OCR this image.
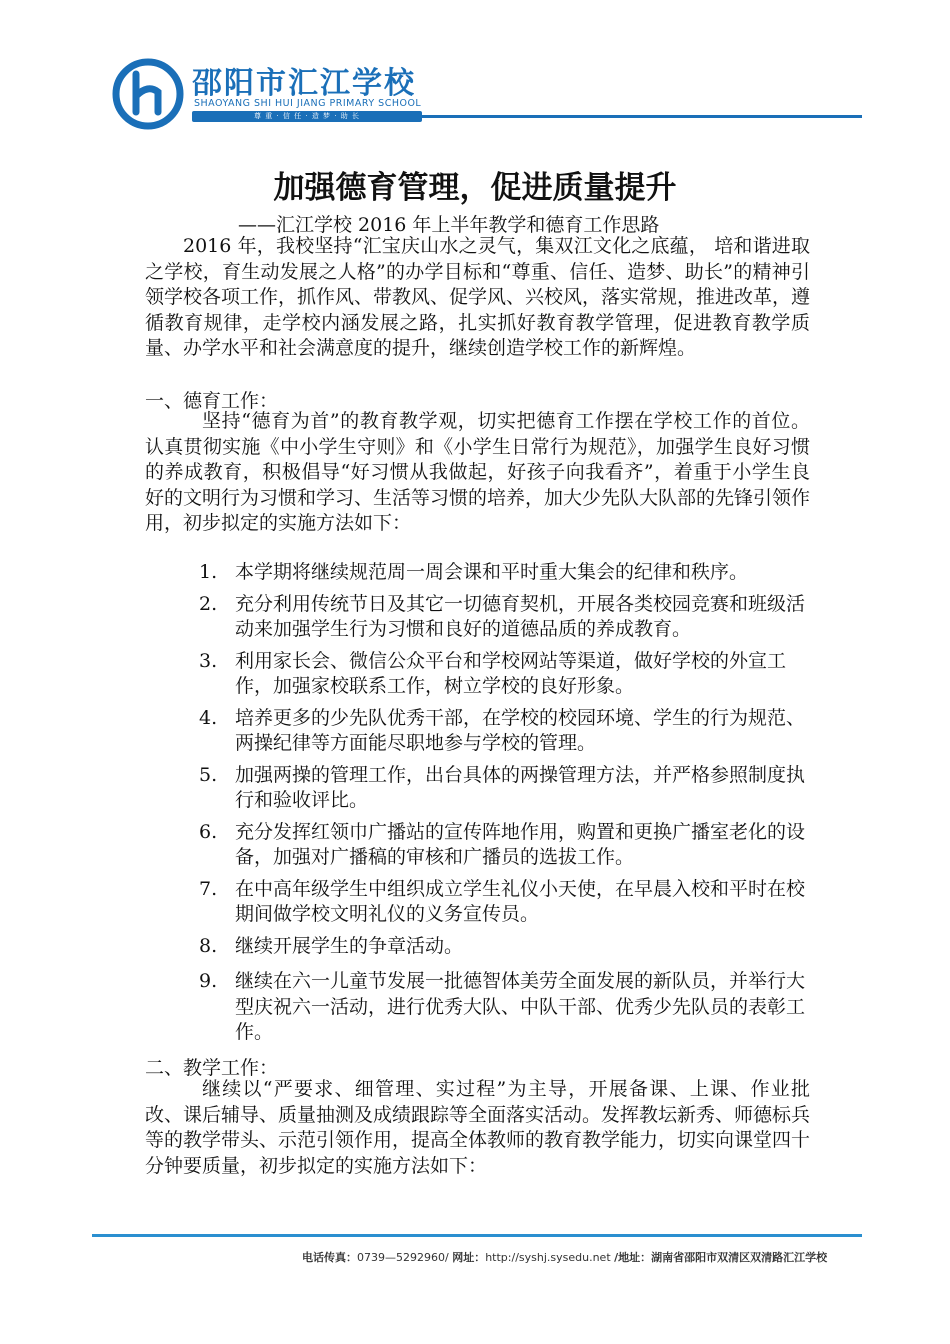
邵阳市汇江学校
SHAOYANG SHI HUI JIANG PRIMARY SCHOOL
尊 重 · 信 任 · 造 梦 · 助 长
加强德育管理，促进质量提升
——汇江学校 2016 年上半年教学和德育工作思路
2016 年，我校坚持“汇宝庆山水之灵气，集双江文化之底蕴， 培和谐进取之学校，育生动发展之人格”的办学目标和“尊重、信任、造梦、助长”的精神引领学校各项工作，抓作风、带教风、促学风、兴校风，落实常规，推进改革，遵循教育规律，走学校内涵发展之路，扎实抓好教育教学管理，促进教育教学质量、办学水平和社会满意度的提升，继续创造学校工作的新辉煌。
一、德育工作：
坚持“德育为首”的教育教学观，切实把德育工作摆在学校工作的首位。认真贯彻实施《中小学生守则》和《小学生日常行为规范》，加强学生良好习惯的养成教育，积极倡导“好习惯从我做起，好孩子向我看齐”，着重于小学生良好的文明行为习惯和学习、生活等习惯的培养，加大少先队大队部的先锋引领作用，初步拟定的实施方法如下：
1. 本学期将继续规范周一周会课和平时重大集会的纪律和秩序。
2. 充分利用传统节日及其它一切德育契机，开展各类校园竞赛和班级活动来加强学生行为习惯和良好的道德品质的养成教育。
3. 利用家长会、微信公众平台和学校网站等渠道，做好学校的外宣工作，加强家校联系工作，树立学校的良好形象。
4. 培养更多的少先队优秀干部，在学校的校园环境、学生的行为规范、两操纪律等方面能尽职地参与学校的管理。
5. 加强两操的管理工作，出台具体的两操管理方法，并严格参照制度执行和验收评比。
6. 充分发挥红领巾广播站的宣传阵地作用，购置和更换广播室老化的设备，加强对广播稿的审核和广播员的选拔工作。
7. 在中高年级学生中组织成立学生礼仪小天使，在早晨入校和平时在校期间做学校文明礼仪的义务宣传员。
8. 继续开展学生的争章活动。
9. 继续在六一儿童节发展一批德智体美劳全面发展的新队员，并举行大型庆祝六一活动，进行优秀大队、中队干部、优秀少先队员的表彰工作。
二、教学工作：
继续以“严要求、细管理、实过程”为主导，开展备课、上课、作业批改、课后辅导、质量抽测及成绩跟踪等全面落实活动。发挥教坛新秀、师德标兵等的教学带头、示范引领作用，提高全体教师的教育教学能力，切实向课堂四十分钟要质量，初步拟定的实施方法如下：
电话传真：0739—5292960/ 网址：http://syshj.sysedu.net /地址：湖南省邵阳市双清区双清路汇江学校
